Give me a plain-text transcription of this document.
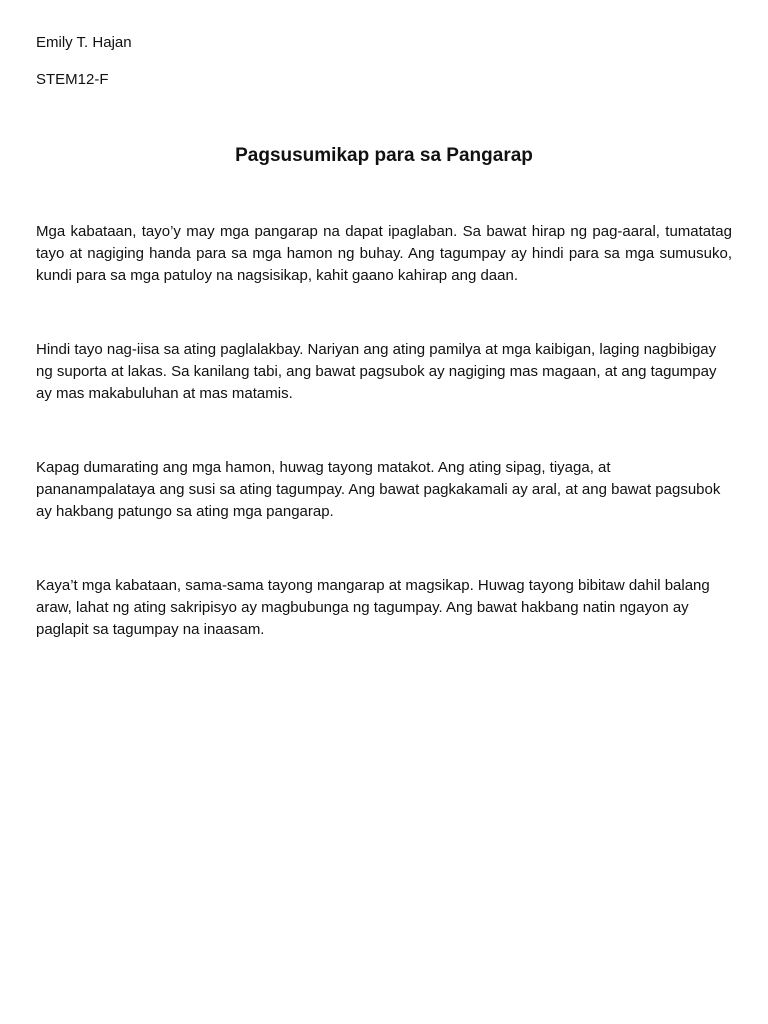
Emily T. Hajan
STEM12-F
Pagsusumikap para sa Pangarap

Mga kabataan, tayo’y may mga pangarap na dapat ipaglaban. Sa bawat hirap ng pag-aaral, tumatatag tayo at nagiging handa para sa mga hamon ng buhay. Ang tagumpay ay hindi para sa mga sumusuko, kundi para sa mga patuloy na nagsisikap, kahit gaano kahirap ang daan.

Hindi tayo nag-iisa sa ating paglalakbay. Nariyan ang ating pamilya at mga kaibigan, laging nagbibigay ng suporta at lakas. Sa kanilang tabi, ang bawat pagsubok ay nagiging mas magaan, at ang tagumpay ay mas makabuluhan at mas matamis.

Kapag dumarating ang mga hamon, huwag tayong matakot. Ang ating sipag, tiyaga, at pananampalataya ang susi sa ating tagumpay. Ang bawat pagkakamali ay aral, at ang bawat pagsubok ay hakbang patungo sa ating mga pangarap.

Kaya’t mga kabataan, sama-sama tayong mangarap at magsikap. Huwag tayong bibitaw dahil balang araw, lahat ng ating sakripisyo ay magbubunga ng tagumpay. Ang bawat hakbang natin ngayon ay paglapit sa tagumpay na inaasam.
